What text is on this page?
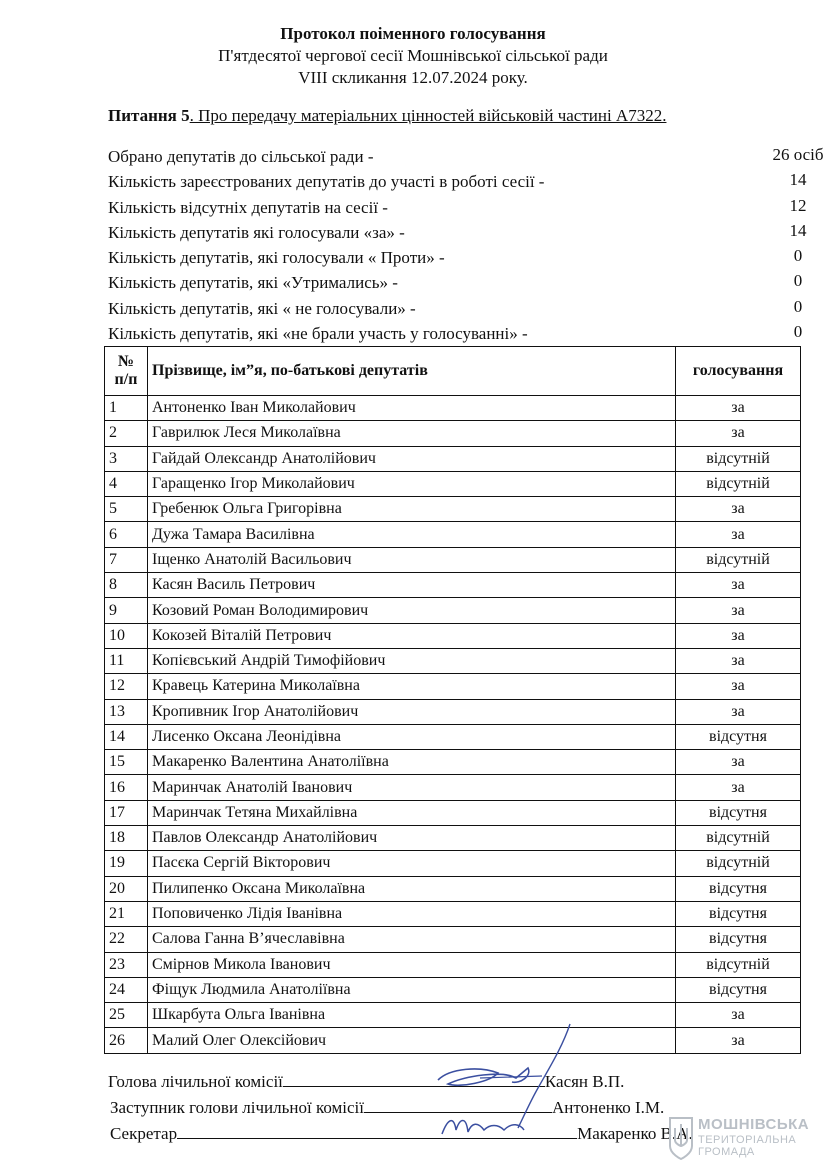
Протокол поіменного голосування
П'ятдесятої чергової сесії Мошнівської сільської ради
VIII скликання 12.07.2024 року.
Питання 5. Про передачу матеріальних цінностей військовій частині А7322.
Обрано депутатів до сільської ради -	26 осіб
Кількість зареєстрованих депутатів до участі в роботі сесії -	14
Кількість відсутніх депутатів на сесії -	12
Кількість депутатів які голосували «за» -	14
Кількість депутатів, які голосували « Проти» -	0
Кількість депутатів, які «Утримались» -	0
Кількість депутатів, які « не голосували» -	0
Кількість депутатів, які «не брали участь у голосуванні» -	0
№
п/п	Прізвище, ім”я, по-батькові депутатів	голосування
1	Антоненко Іван Миколайович	за
2	Гаврилюк Леся Миколаївна	за
3	Гайдай Олександр Анатолійович	відсутній
4	Гаращенко Ігор Миколайович	відсутній
5	Гребенюк Ольга Григорівна	за
6	Дужа Тамара Василівна	за
7	Іщенко Анатолій Васильович	відсутній
8	Касян Василь Петрович	за
9	Козовий Роман Володимирович	за
10	Кокозей Віталій Петрович	за
11	Копієвський Андрій Тимофійович	за
12	Кравець Катерина Миколаївна	за
13	Кропивник Ігор Анатолійович	за
14	Лисенко Оксана Леонідівна	відсутня
15	Макаренко Валентина Анатоліївна	за
16	Маринчак Анатолій Іванович	за
17	Маринчак Тетяна Михайлівна	відсутня
18	Павлов Олександр Анатолійович	відсутній
19	Пасєка Сергій Вікторович	відсутній
20	Пилипенко Оксана Миколаївна	відсутня
21	Поповиченко Лідія Іванівна	відсутня
22	Салова Ганна В’ячеславівна	відсутня
23	Смірнов Микола Іванович	відсутній
24	Фіщук Людмила Анатоліївна	відсутня
25	Шкарбута Ольга Іванівна	за
26	Малий Олег Олексійович	за
Голова лічильної комісії	Касян В.П.
Заступник голови лічильної комісії	Антоненко І.М.
Секретар	Макаренко В.А. МОШНІВСЬКА
ТЕРИТОРІАЛЬНА
ГРОМАДА
